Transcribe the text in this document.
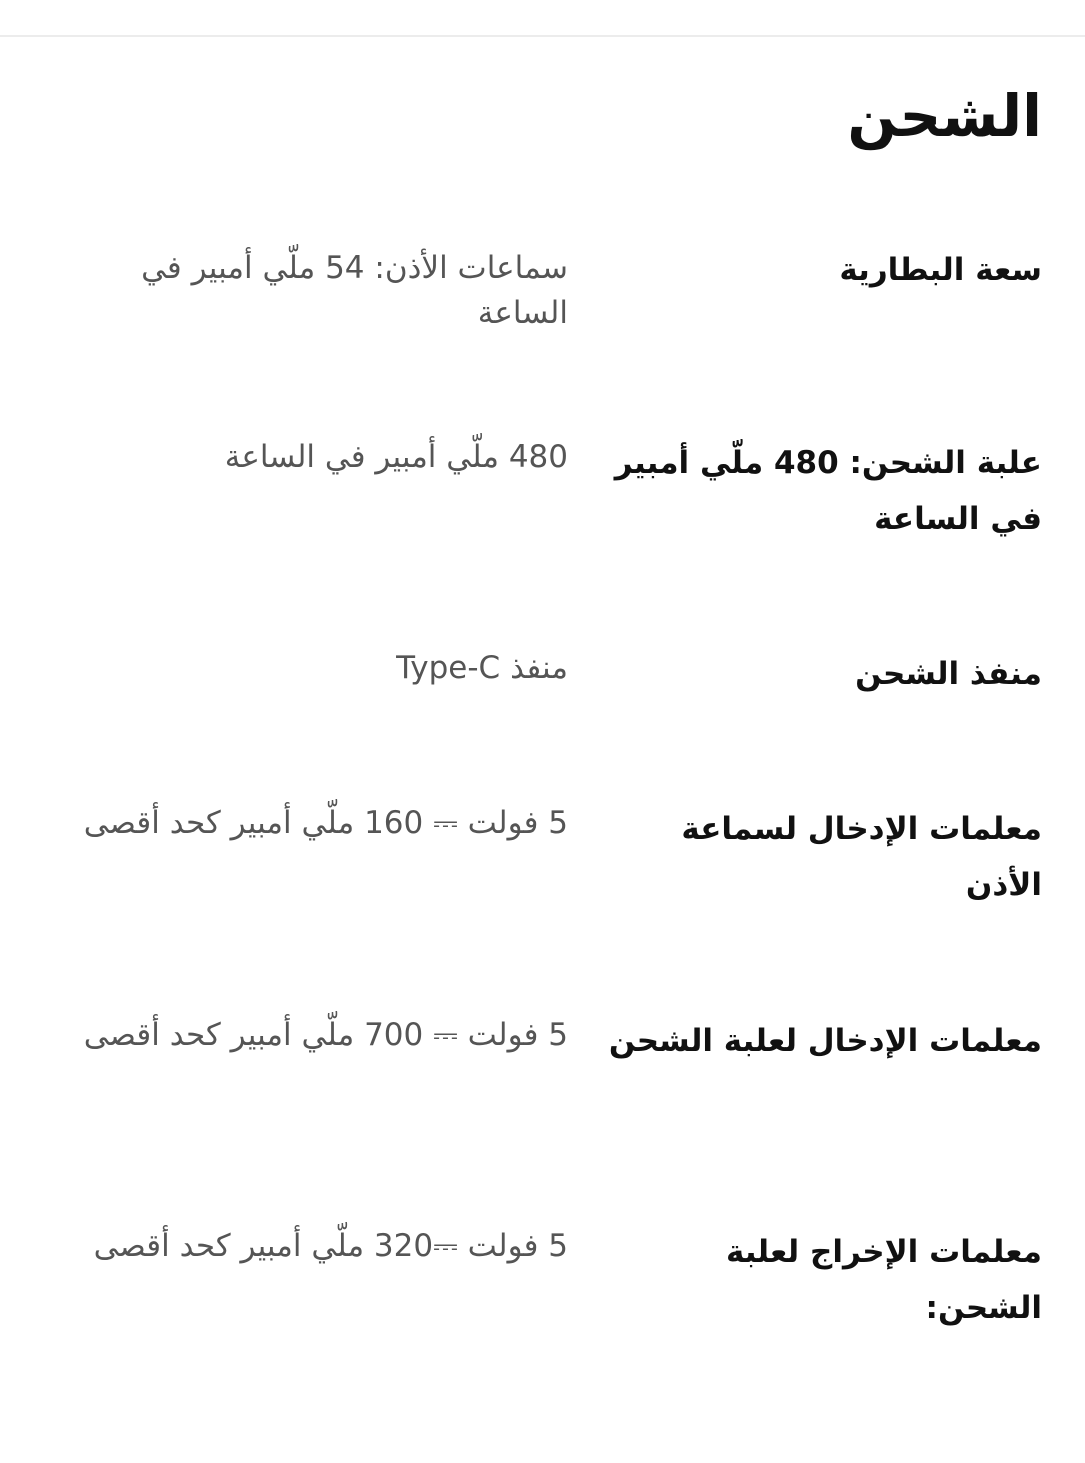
الشحن
سعة البطارية
سماعات الأذن: 54 ملّي أمبير في الساعة
علبة الشحن: 480 ملّي أمبير في الساعة
480 ملّي أمبير في الساعة
منفذ الشحن
منفذ Type-C
معلمات الإدخال لسماعة الأذن
5 فولت ⎓ 160 ملّي أمبير كحد أقصى
معلمات الإدخال لعلبة الشحن
5 فولت ⎓ 700 ملّي أمبير كحد أقصى
معلمات الإخراج لعلبة الشحن:
5 فولت ⎓320 ملّي أمبير كحد أقصى
